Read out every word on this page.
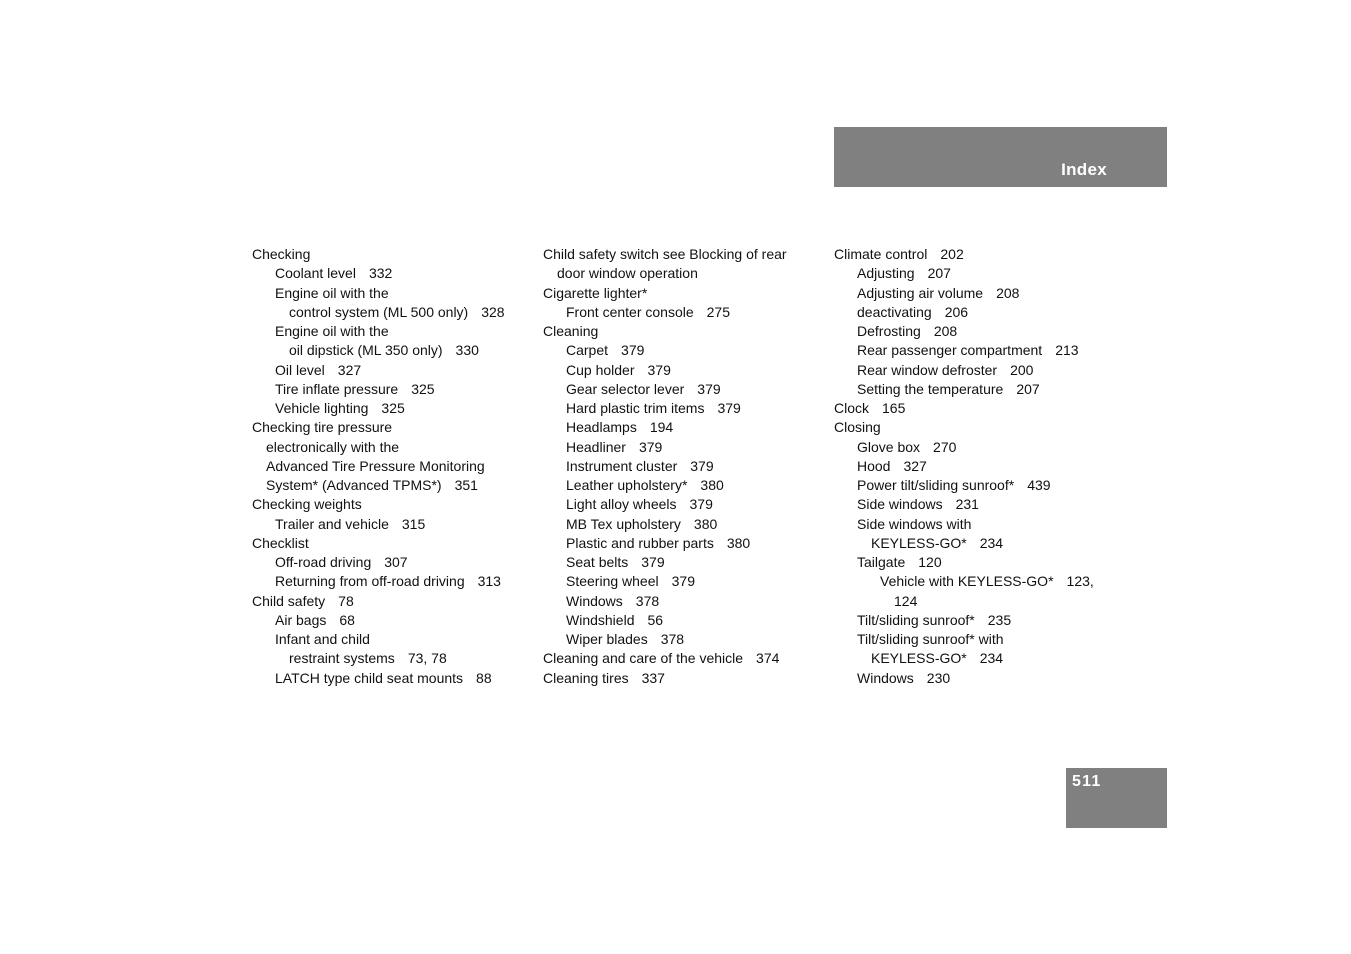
Index
Checking
Coolant level 332
Engine oil with the
control system (ML 500 only) 328
Engine oil with the
oil dipstick (ML 350 only) 330
Oil level 327
Tire inflate pressure 325
Vehicle lighting 325
Checking tire pressure
electronically with the
Advanced Tire Pressure Monitoring
System* (Advanced TPMS*) 351
Checking weights
Trailer and vehicle 315
Checklist
Off-road driving 307
Returning from off-road driving 313
Child safety 78
Air bags 68
Infant and child
restraint systems 73, 78
LATCH type child seat mounts 88
Child safety switch see Blocking of rear
door window operation
Cigarette lighter*
Front center console 275
Cleaning
Carpet 379
Cup holder 379
Gear selector lever 379
Hard plastic trim items 379
Headlamps 194
Headliner 379
Instrument cluster 379
Leather upholstery* 380
Light alloy wheels 379
MB Tex upholstery 380
Plastic and rubber parts 380
Seat belts 379
Steering wheel 379
Windows 378
Windshield 56
Wiper blades 378
Cleaning and care of the vehicle 374
Cleaning tires 337
Climate control 202
Adjusting 207
Adjusting air volume 208
deactivating 206
Defrosting 208
Rear passenger compartment 213
Rear window defroster 200
Setting the temperature 207
Clock 165
Closing
Glove box 270
Hood 327
Power tilt/sliding sunroof* 439
Side windows 231
Side windows with
KEYLESS-GO* 234
Tailgate 120
Vehicle with KEYLESS-GO* 123,
124
Tilt/sliding sunroof* 235
Tilt/sliding sunroof* with
KEYLESS-GO* 234
Windows 230
511
